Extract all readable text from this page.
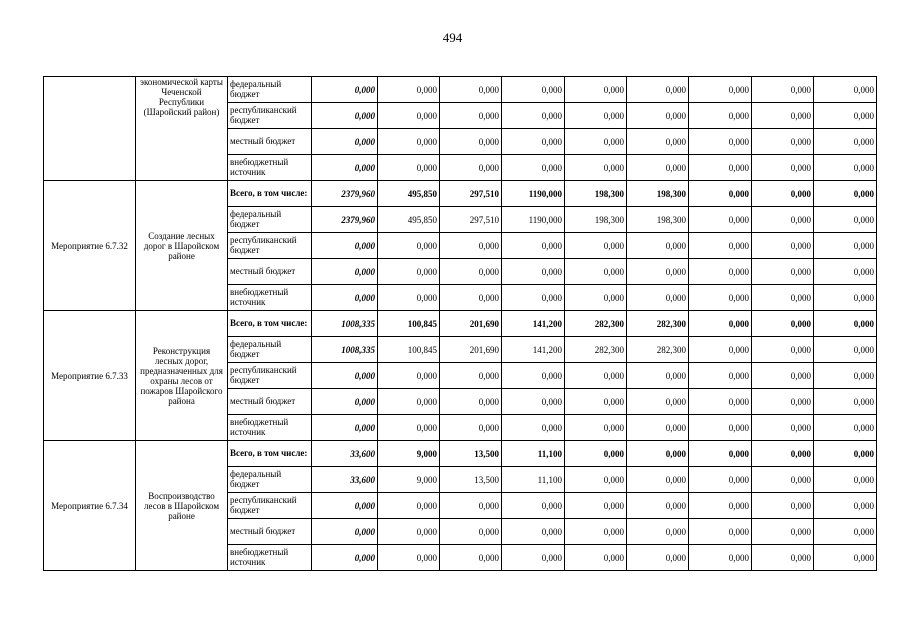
494
	экономической карты Чеченской Республики (Шаройский район)	федеральный бюджет	0,000	0,000	0,000	0,000	0,000	0,000	0,000	0,000	0,000
		республиканский бюджет	0,000	0,000	0,000	0,000	0,000	0,000	0,000	0,000	0,000
		местный бюджет	0,000	0,000	0,000	0,000	0,000	0,000	0,000	0,000	0,000
		внебюджетный источник	0,000	0,000	0,000	0,000	0,000	0,000	0,000	0,000	0,000
Мероприятие 6.7.32	Создание лесных дорог в Шаройском районе	Всего, в том числе:	2379,960	495,850	297,510	1190,000	198,300	198,300	0,000	0,000	0,000
		федеральный бюджет	2379,960	495,850	297,510	1190,000	198,300	198,300	0,000	0,000	0,000
		республиканский бюджет	0,000	0,000	0,000	0,000	0,000	0,000	0,000	0,000	0,000
		местный бюджет	0,000	0,000	0,000	0,000	0,000	0,000	0,000	0,000	0,000
		внебюджетный источник	0,000	0,000	0,000	0,000	0,000	0,000	0,000	0,000	0,000
Мероприятие 6.7.33	Реконструкция лесных дорог, предназначенных для охраны лесов от пожаров Шаройского района	Всего, в том числе:	1008,335	100,845	201,690	141,200	282,300	282,300	0,000	0,000	0,000
		федеральный бюджет	1008,335	100,845	201,690	141,200	282,300	282,300	0,000	0,000	0,000
		республиканский бюджет	0,000	0,000	0,000	0,000	0,000	0,000	0,000	0,000	0,000
		местный бюджет	0,000	0,000	0,000	0,000	0,000	0,000	0,000	0,000	0,000
		внебюджетный источник	0,000	0,000	0,000	0,000	0,000	0,000	0,000	0,000	0,000
Мероприятие 6.7.34	Воспроизводство лесов в Шаройском районе	Всего, в том числе:	33,600	9,000	13,500	11,100	0,000	0,000	0,000	0,000	0,000
		федеральный бюджет	33,600	9,000	13,500	11,100	0,000	0,000	0,000	0,000	0,000
		республиканский бюджет	0,000	0,000	0,000	0,000	0,000	0,000	0,000	0,000	0,000
		местный бюджет	0,000	0,000	0,000	0,000	0,000	0,000	0,000	0,000	0,000
		внебюджетный источник	0,000	0,000	0,000	0,000	0,000	0,000	0,000	0,000	0,000
